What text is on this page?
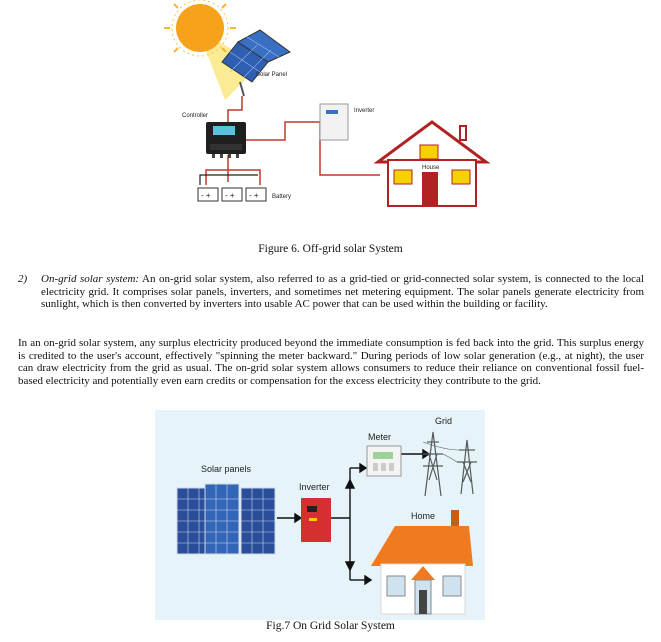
Solar Panel
Controller
- + - + - + Battery
Inverter
House
Figure 6. Off-grid solar System

2) On-grid solar system: An on-grid solar system, also referred to as a grid-tied or grid-connected solar system, is connected to the local electricity grid. It comprises solar panels, inverters, and sometimes net metering equipment. The solar panels generate electricity from sunlight, which is then converted by inverters into usable AC power that can be used within the building or facility.

In an on-grid solar system, any surplus electricity produced beyond the immediate consumption is fed back into the grid. This surplus energy is credited to the user's account, effectively "spinning the meter backward." During periods of low solar generation (e.g., at night), the user can draw electricity from the grid as usual. The on-grid solar system allows consumers to reduce their reliance on conventional fossil fuel-based electricity and potentially even earn credits or compensation for the excess electricity they contribute to the grid.

Grid
Meter
Solar panels
Inverter
Home
Fig.7 On Grid Solar System
